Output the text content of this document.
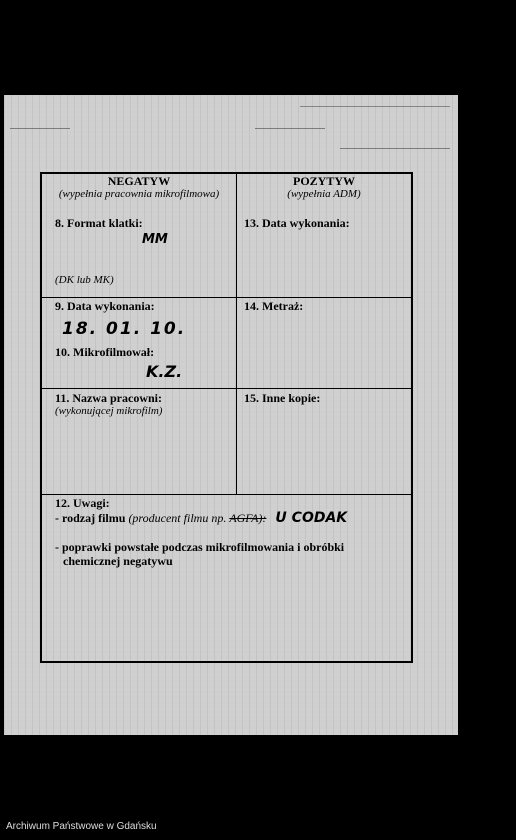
NEGATYW
(wypełnia pracownia mikrofilmowa)
POZYTYW
(wypełnia ADM)
8. Format klatki:
MM
(DK lub MK)
13. Data wykonania:
9. Data wykonania:
18. 01. 10.
14. Metraż:
10. Mikrofilmował:
K.Z.
11. Nazwa pracowni:
(wykonującej mikrofilm)
15. Inne kopie:
12. Uwagi:
- rodzaj filmu (producent filmu np. AGFA): U CODAK
- poprawki powstałe podczas mikrofilmowania i obróbki
chemicznej negatywu
Archiwum Państwowe w Gdańsku
